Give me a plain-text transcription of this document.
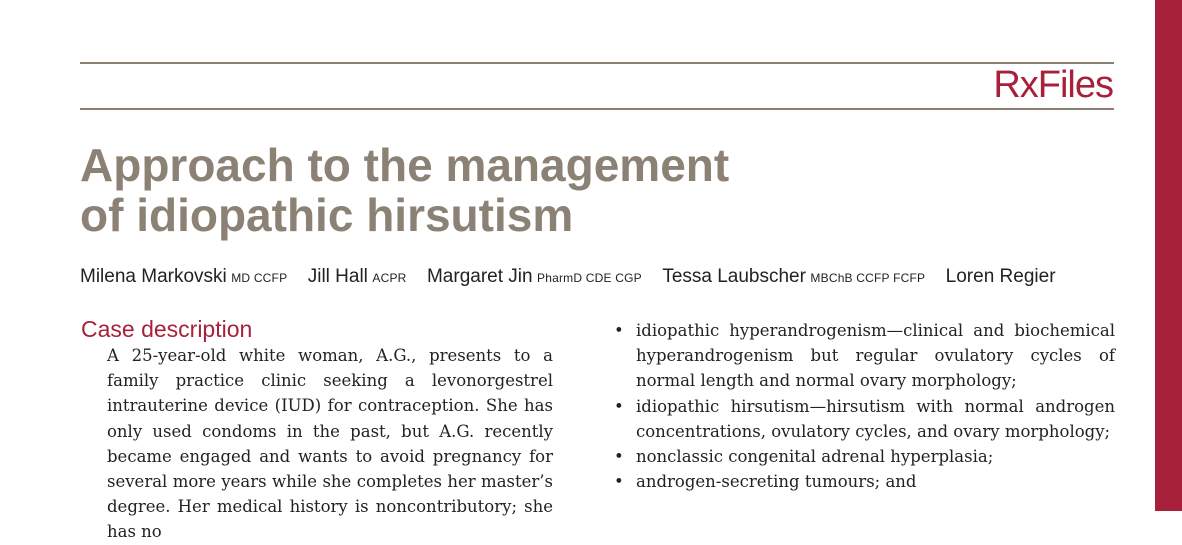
RxFiles
Approach to the management
of idiopathic hirsutism
Milena Markovski MD CCFP Jill Hall ACPR Margaret Jin PharmD CDE CGP Tessa Laubscher MBChB CCFP FCFP Loren Regier
Case description

A 25-year-old white woman, A.G., presents to a family practice clinic seeking a levonorgestrel intrauterine device (IUD) for contraception. She has only used condoms in the past, but A.G. recently became engaged and wants to avoid pregnancy for several more years while she completes her master’s degree. Her medical history is noncontributory; she has no

• idiopathic hyperandrogenism—clinical and biochemical hyperandrogenism but regular ovulatory cycles of normal length and normal ovary morphology;
• idiopathic hirsutism—hirsutism with normal androgen concentrations, ovulatory cycles, and ovary morphology;
• nonclassic congenital adrenal hyperplasia;
• androgen-secreting tumours; and
